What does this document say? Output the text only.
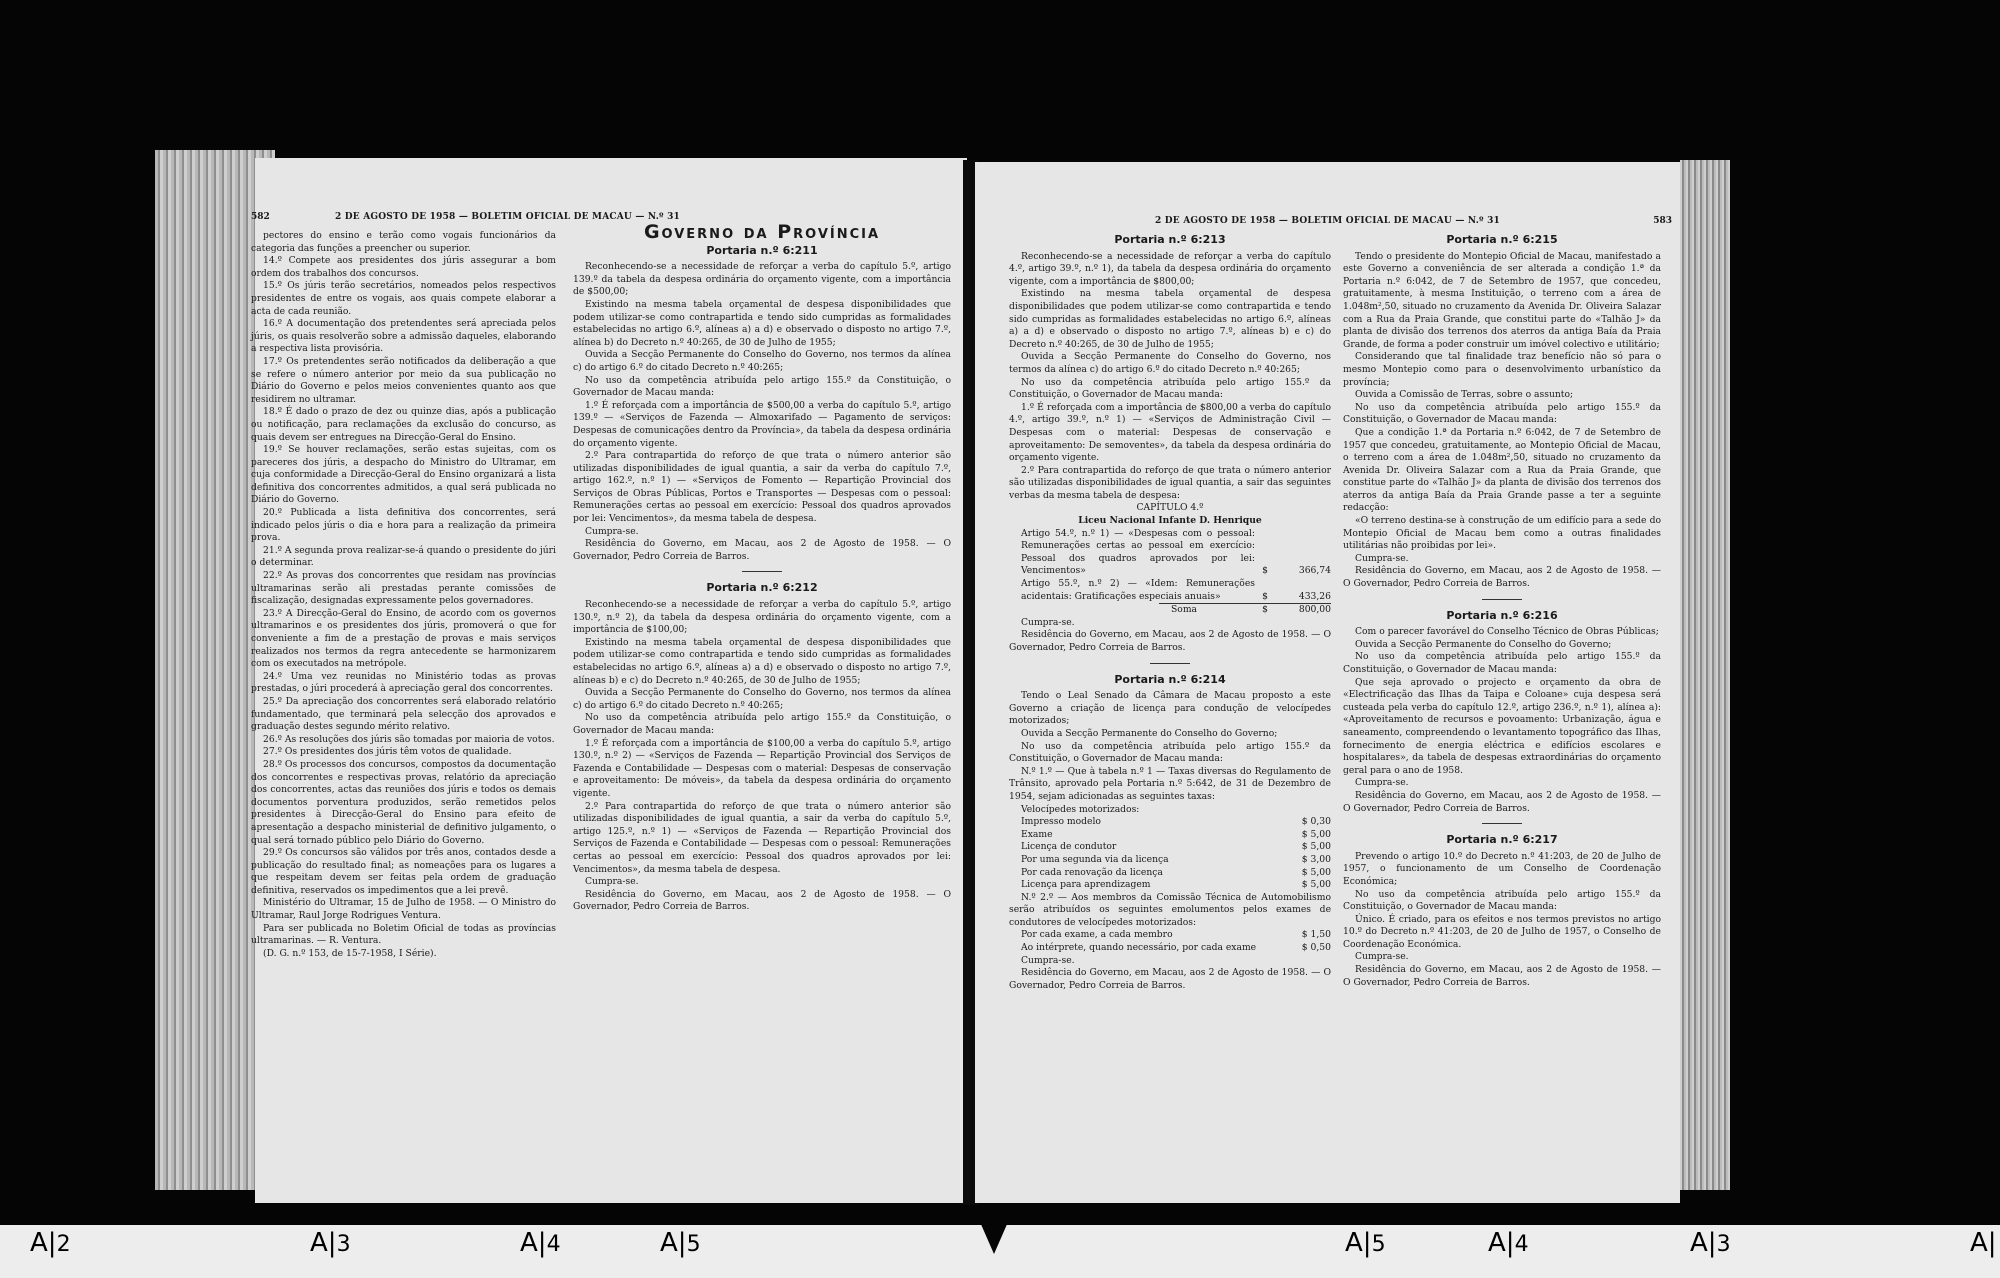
582	2 DE AGOSTO DE 1958 — BOLETIM OFICIAL DE MACAU — N.º 31

pectores do ensino e terão como vogais funcionários da categoria das funções a preencher ou superior.

14.º Compete aos presidentes dos júris assegurar a bom ordem dos trabalhos dos concursos.

15.º Os júris terão secretários, nomeados pelos respectivos presidentes de entre os vogais, aos quais compete elaborar a acta de cada reunião.

16.º A documentação dos pretendentes será apreciada pelos júris, os quais resolverão sobre a admissão daqueles, elaborando a respectiva lista provisória.

17.º Os pretendentes serão notificados da deliberação a que se refere o número anterior por meio da sua publicação no Diário do Governo e pelos meios convenientes quanto aos que residirem no ultramar.

18.º É dado o prazo de dez ou quinze dias, após a publicação ou notificação, para reclamações da exclusão do concurso, as quais devem ser entregues na Direcção-Geral do Ensino.

19.º Se houver reclamações, serão estas sujeitas, com os pareceres dos júris, a despacho do Ministro do Ultramar, em cuja conformidade a Direcção-Geral do Ensino organizará a lista definitiva dos concorrentes admitidos, a qual será publicada no Diário do Governo.

20.º Publicada a lista definitiva dos concorrentes, será indicado pelos júris o dia e hora para a realização da primeira prova.

21.º A segunda prova realizar-se-á quando o presidente do júri o determinar.

22.º As provas dos concorrentes que residam nas províncias ultramarinas serão ali prestadas perante comissões de fiscalização, designadas expressamente pelos governadores.

23.º A Direcção-Geral do Ensino, de acordo com os governos ultramarinos e os presidentes dos júris, promoverá o que for conveniente a fim de a prestação de provas e mais serviços realizados nos termos da regra antecedente se harmonizarem com os executados na metrópole.

24.º Uma vez reunidas no Ministério todas as provas prestadas, o júri procederá à apreciação geral dos concorrentes.

25.º Da apreciação dos concorrentes será elaborado relatório fundamentado, que terminará pela selecção dos aprovados e graduação destes segundo mérito relativo.

26.º As resoluções dos júris são tomadas por maioria de votos.

27.º Os presidentes dos júris têm votos de qualidade.

28.º Os processos dos concursos, compostos da documentação dos concorrentes e respectivas provas, relatório da apreciação dos concorrentes, actas das reuniões dos júris e todos os demais documentos porventura produzidos, serão remetidos pelos presidentes à Direcção-Geral do Ensino para efeito de apresentação a despacho ministerial de definitivo julgamento, o qual será tornado público pelo Diário do Governo.

29.º Os concursos são válidos por três anos, contados desde a publicação do resultado final; as nomeações para os lugares a que respeitam devem ser feitas pela ordem de graduação definitiva, reservados os impedimentos que a lei prevê.

Ministério do Ultramar, 15 de Julho de 1958. — O Ministro do Ultramar, Raul Jorge Rodrigues Ventura.

Para ser publicada no Boletim Oficial de todas as províncias ultramarinas. — R. Ventura.

(D. G. n.º 153, de 15-7-1958, I Série).

Governo da Província
Portaria n.º 6:211

Reconhecendo-se a necessidade de reforçar a verba do capítulo 5.º, artigo 139.º da tabela da despesa ordinária do orçamento vigente, com a importância de $500,00;

Existindo na mesma tabela orçamental de despesa disponibilidades que podem utilizar-se como contrapartida e tendo sido cumpridas as formalidades estabelecidas no artigo 6.º, alíneas a) a d) e observado o disposto no artigo 7.º, alínea b) do Decreto n.º 40:265, de 30 de Julho de 1955;

Ouvida a Secção Permanente do Conselho do Governo, nos termos da alínea c) do artigo 6.º do citado Decreto n.º 40:265;

No uso da competência atribuída pelo artigo 155.º da Constituição, o Governador de Macau manda:

1.º É reforçada com a importância de $500,00 a verba do capítulo 5.º, artigo 139.º — «Serviços de Fazenda — Almoxarifado — Pagamento de serviços: Despesas de comunicações dentro da Província», da tabela da despesa ordinária do orçamento vigente.

2.º Para contrapartida do reforço de que trata o número anterior são utilizadas disponibilidades de igual quantia, a sair da verba do capítulo 7.º, artigo 162.º, n.º 1) — «Serviços de Fomento — Repartição Provincial dos Serviços de Obras Públicas, Portos e Transportes — Despesas com o pessoal: Remunerações certas ao pessoal em exercício: Pessoal dos quadros aprovados por lei: Vencimentos», da mesma tabela de despesa.

Cumpra-se.

Residência do Governo, em Macau, aos 2 de Agosto de 1958. — O Governador, Pedro Correia de Barros.

Portaria n.º 6:212

Reconhecendo-se a necessidade de reforçar a verba do capítulo 5.º, artigo 130.º, n.º 2), da tabela da despesa ordinária do orçamento vigente, com a importância de $100,00;

Existindo na mesma tabela orçamental de despesa disponibilidades que podem utilizar-se como contrapartida e tendo sido cumpridas as formalidades estabelecidas no artigo 6.º, alíneas a) a d) e observado o disposto no artigo 7.º, alíneas b) e c) do Decreto n.º 40:265, de 30 de Julho de 1955;

Ouvida a Secção Permanente do Conselho do Governo, nos termos da alínea c) do artigo 6.º do citado Decreto n.º 40:265;

No uso da competência atribuída pelo artigo 155.º da Constituição, o Governador de Macau manda:

1.º É reforçada com a importância de $100,00 a verba do capítulo 5.º, artigo 130.º, n.º 2) — «Serviços de Fazenda — Repartição Provincial dos Serviços de Fazenda e Contabilidade — Despesas com o material: Despesas de conservação e aproveitamento: De móveis», da tabela da despesa ordinária do orçamento vigente.

2.º Para contrapartida do reforço de que trata o número anterior são utilizadas disponibilidades de igual quantia, a sair da verba do capítulo 5.º, artigo 125.º, n.º 1) — «Serviços de Fazenda — Repartição Provincial dos Serviços de Fazenda e Contabilidade — Despesas com o pessoal: Remunerações certas ao pessoal em exercício: Pessoal dos quadros aprovados por lei: Vencimentos», da mesma tabela de despesa.

Cumpra-se.

Residência do Governo, em Macau, aos 2 de Agosto de 1958. — O Governador, Pedro Correia de Barros.

2 DE AGOSTO DE 1958 — BOLETIM OFICIAL DE MACAU — N.º 31	583
Portaria n.º 6:213

Reconhecendo-se a necessidade de reforçar a verba do capítulo 4.º, artigo 39.º, n.º 1), da tabela da despesa ordinária do orçamento vigente, com a importância de $800,00;

Existindo na mesma tabela orçamental de despesa disponibilidades que podem utilizar-se como contrapartida e tendo sido cumpridas as formalidades estabelecidas no artigo 6.º, alíneas a) a d) e observado o disposto no artigo 7.º, alíneas b) e c) do Decreto n.º 40:265, de 30 de Julho de 1955;

Ouvida a Secção Permanente do Conselho do Governo, nos termos da alínea c) do artigo 6.º do citado Decreto n.º 40:265;

No uso da competência atribuída pelo artigo 155.º da Constituição, o Governador de Macau manda:

1.º É reforçada com a importância de $800,00 a verba do capítulo 4.º, artigo 39.º, n.º 1) — «Serviços de Administração Civil — Despesas com o material: Despesas de conservação e aproveitamento: De semoventes», da tabela da despesa ordinária do orçamento vigente.

2.º Para contrapartida do reforço de que trata o número anterior são utilizadas disponibilidades de igual quantia, a sair das seguintes verbas da mesma tabela de despesa:

CAPÍTULO 4.º

Liceu Nacional Infante D. Henrique

Artigo 54.º, n.º 1) — «Despesas com o pessoal: Remunerações certas ao pessoal em exercício: Pessoal dos quadros aprovados por lei: Vencimentos»	$	366,74
Artigo 55.º, n.º 2) — «Idem: Remunerações acidentais: Gratificações especiais anuais»	$	433,26
Soma	$	800,00

Cumpra-se.

Residência do Governo, em Macau, aos 2 de Agosto de 1958. — O Governador, Pedro Correia de Barros.

Portaria n.º 6:214

Tendo o Leal Senado da Câmara de Macau proposto a este Governo a criação de licença para condução de velocípedes motorizados;

Ouvida a Secção Permanente do Conselho do Governo;

No uso da competência atribuída pelo artigo 155.º da Constituição, o Governador de Macau manda:

N.º 1.º — Que à tabela n.º 1 — Taxas diversas do Regulamento de Trânsito, aprovado pela Portaria n.º 5:642, de 31 de Dezembro de 1954, sejam adicionadas as seguintes taxas:

Velocípedes motorizados:

Impresso modelo	$ 0,30
Exame	$ 5,00
Licença de condutor	$ 5,00
Por uma segunda via da licença	$ 3,00
Por cada renovação da licença	$ 5,00
Licença para aprendizagem	$ 5,00

N.º 2.º — Aos membros da Comissão Técnica de Automobilismo serão atribuídos os seguintes emolumentos pelos exames de condutores de velocípedes motorizados:

Por cada exame, a cada membro	$ 1,50
Ao intérprete, quando necessário, por cada exame	$ 0,50

Cumpra-se.

Residência do Governo, em Macau, aos 2 de Agosto de 1958. — O Governador, Pedro Correia de Barros.

Portaria n.º 6:215

Tendo o presidente do Montepio Oficial de Macau, manifestado a este Governo a conveniência de ser alterada a condição 1.ª da Portaria n.º 6:042, de 7 de Setembro de 1957, que concedeu, gratuitamente, à mesma Instituição, o terreno com a área de 1.048m²,50, situado no cruzamento da Avenida Dr. Oliveira Salazar com a Rua da Praia Grande, que constitui parte do «Talhão J» da planta de divisão dos terrenos dos aterros da antiga Baía da Praia Grande, de forma a poder construir um imóvel colectivo e utilitário;

Considerando que tal finalidade traz benefício não só para o mesmo Montepio como para o desenvolvimento urbanístico da província;

Ouvida a Comissão de Terras, sobre o assunto;

No uso da competência atribuída pelo artigo 155.º da Constituição, o Governador de Macau manda:

Que a condição 1.ª da Portaria n.º 6:042, de 7 de Setembro de 1957 que concedeu, gratuitamente, ao Montepio Oficial de Macau, o terreno com a área de 1.048m²,50, situado no cruzamento da Avenida Dr. Oliveira Salazar com a Rua da Praia Grande, que constitue parte do «Talhão J» da planta de divisão dos terrenos dos aterros da antiga Baía da Praia Grande passe a ter a seguinte redacção:

«O terreno destina-se à construção de um edifício para a sede do Montepio Oficial de Macau bem como a outras finalidades utilitárias não proibidas por lei».

Cumpra-se.

Residência do Governo, em Macau, aos 2 de Agosto de 1958. — O Governador, Pedro Correia de Barros.

Portaria n.º 6:216

Com o parecer favorável do Conselho Técnico de Obras Públicas;

Ouvida a Secção Permanente do Conselho do Governo;

No uso da competência atribuída pelo artigo 155.º da Constituição, o Governador de Macau manda:

Que seja aprovado o projecto e orçamento da obra de «Electrificação das Ilhas da Taipa e Coloane» cuja despesa será custeada pela verba do capítulo 12.º, artigo 236.º, n.º 1), alínea a): «Aproveitamento de recursos e povoamento: Urbanização, água e saneamento, compreendendo o levantamento topográfico das Ilhas, fornecimento de energia eléctrica e edifícios escolares e hospitalares», da tabela de despesas extraordinárias do orçamento geral para o ano de 1958.

Cumpra-se.

Residência do Governo, em Macau, aos 2 de Agosto de 1958. — O Governador, Pedro Correia de Barros.

Portaria n.º 6:217

Prevendo o artigo 10.º do Decreto n.º 41:203, de 20 de Julho de 1957, o funcionamento de um Conselho de Coordenação Económica;

No uso da competência atribuída pelo artigo 155.º da Constituição, o Governador de Macau manda:

Único. É criado, para os efeitos e nos termos previstos no artigo 10.º do Decreto n.º 41:203, de 20 de Julho de 1957, o Conselho de Coordenação Económica.

Cumpra-se.

Residência do Governo, em Macau, aos 2 de Agosto de 1958. — O Governador, Pedro Correia de Barros.

A|2	A|3	A|4	A|5	A|5	A|4	A|3	A|
